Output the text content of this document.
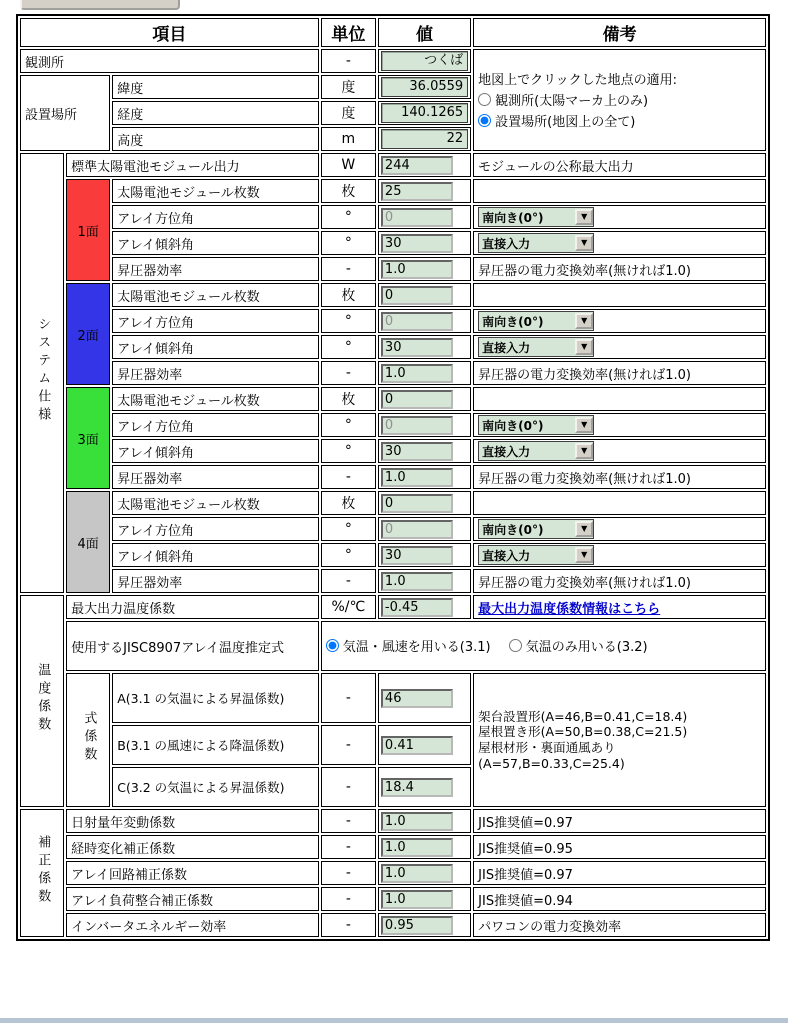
項目			単位	値	備考
観測所			-	つくば	地図上でクリックした地点の適用:
観測所(太陽マーカ上のみ)
設置場所(地図上の全て)

設置場所		緯度	度	36.0559	

		経度	度	140.1265	

		高度	m	22	

システム仕様	標準太陽電池モジュール出力		W	244	モジュールの公称最大出力
	1面	太陽電池モジュール枚数	枚	25	
		アレイ方位角	°	0	南向き(0°) ▼

		アレイ傾斜角	°	30	直接入力 ▼

		昇圧器効率	-	1.0	昇圧器の電力変換効率(無ければ1.0)
	2面	太陽電池モジュール枚数	枚	0	
		アレイ方位角	°	0	南向き(0°) ▼

		アレイ傾斜角	°	30	直接入力 ▼

		昇圧器効率	-	1.0	昇圧器の電力変換効率(無ければ1.0)
	3面	太陽電池モジュール枚数	枚	0	
		アレイ方位角	°	0	南向き(0°) ▼

		アレイ傾斜角	°	30	直接入力 ▼

		昇圧器効率	-	1.0	昇圧器の電力変換効率(無ければ1.0)
	4面	太陽電池モジュール枚数	枚	0	
		アレイ方位角	°	0	南向き(0°) ▼

		アレイ傾斜角	°	30	直接入力 ▼

		昇圧器効率	-	1.0	昇圧器の電力変換効率(無ければ1.0)
温度係数	最大出力温度係数		%/℃	-0.45	最大出力温度係数情報はこちら
	使用するJISC8907アレイ温度推定式		気温・風速を用いる(3.1)
気温のみ用いる(3.2)		

	式係数	A(3.1 の気温による昇温係数)	-	46	架台設置形(A=46,B=0.41,C=18.4)
屋根置き形(A=50,B=0.38,C=21.5)
屋根材形・裏面通風あり
(A=57,B=0.33,C=25.4)

		B(3.1 の風速による降温係数)	-	0.41
		C(3.2 の気温による昇温係数)	-	18.4
補正係数	日射量年変動係数		-	1.0	JIS推奨値=0.97
	経時変化補正係数		-	1.0	JIS推奨値=0.95
	アレイ回路補正係数		-	1.0	JIS推奨値=0.97
	アレイ負荷整合補正係数		-	1.0	JIS推奨値=0.94
	インバータエネルギー効率		-	0.95	パワコンの電力変換効率
